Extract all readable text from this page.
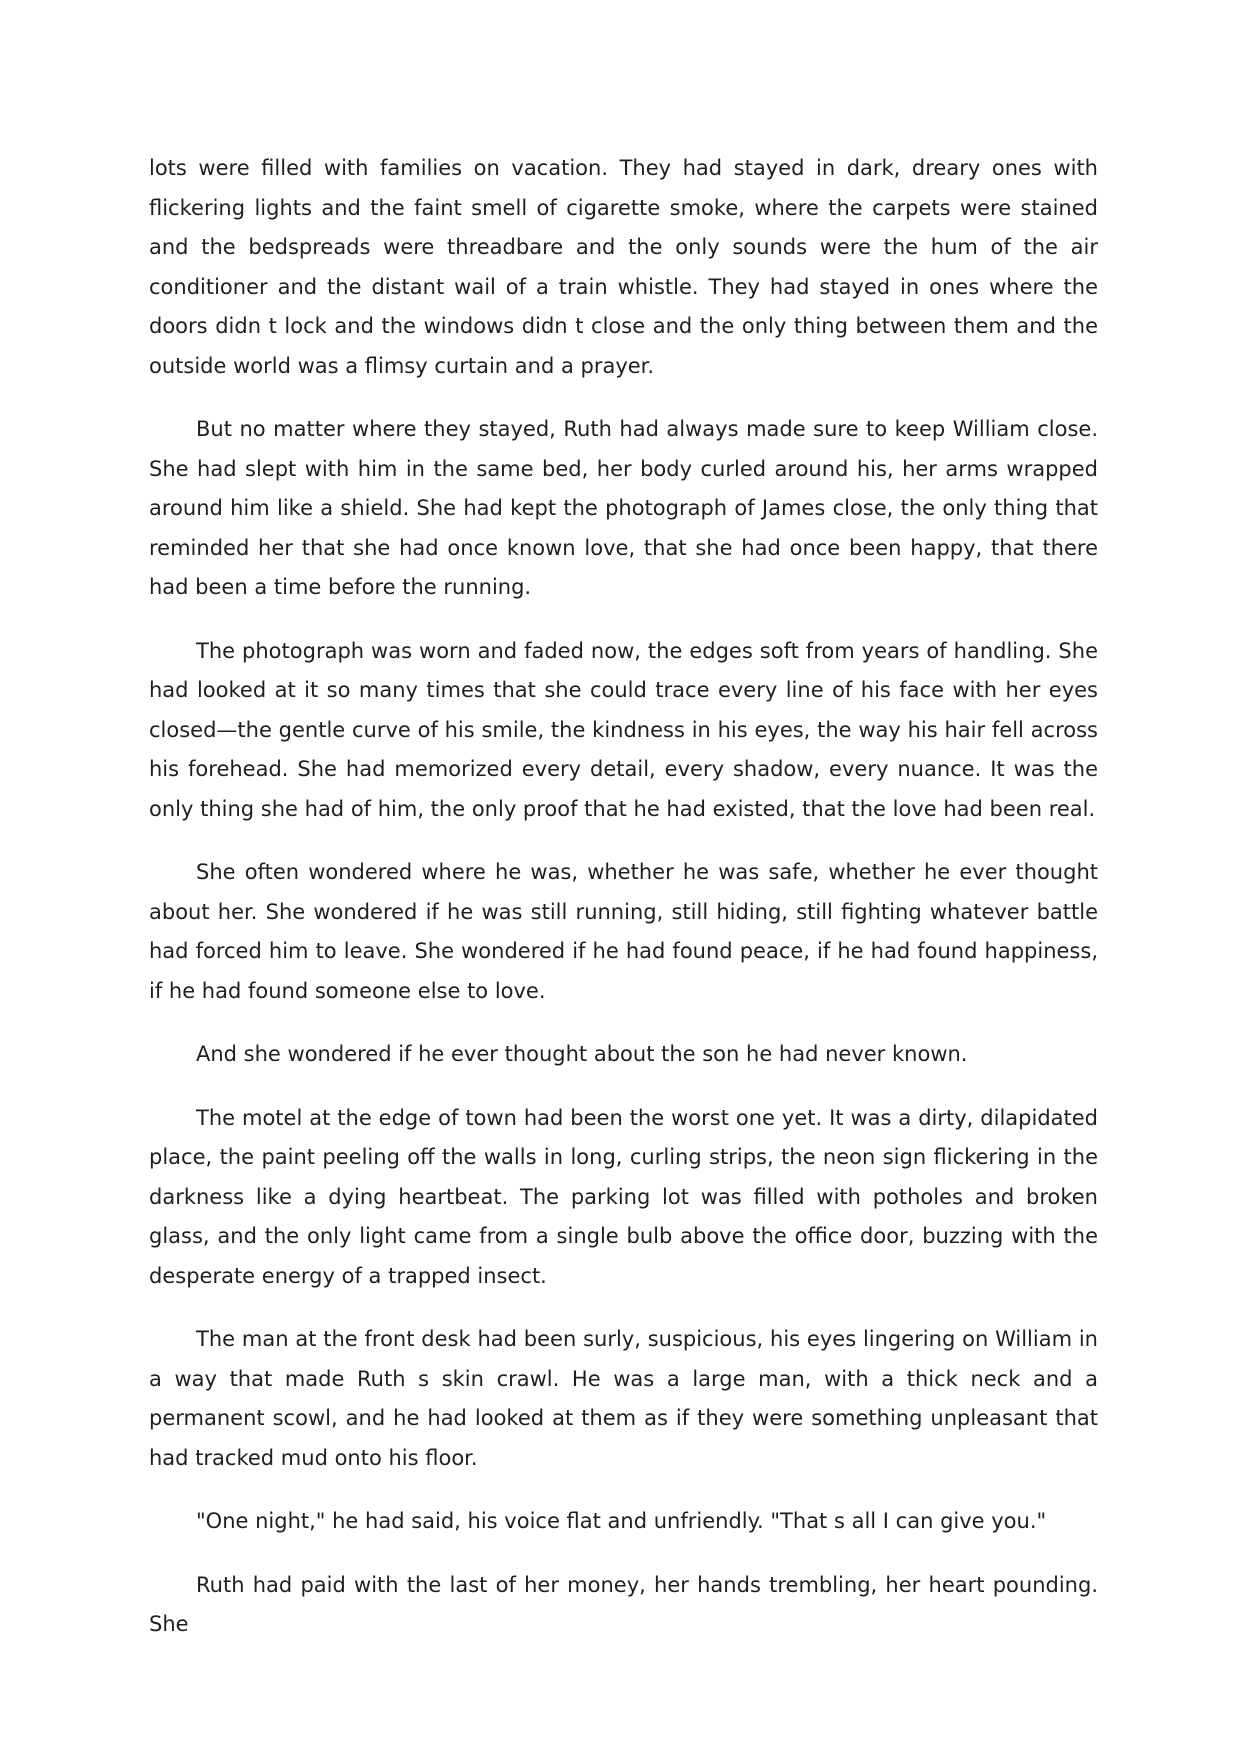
lots were filled with families on vacation. They had stayed in dark, dreary ones with flickering lights and the faint smell of cigarette smoke, where the carpets were stained and the bedspreads were threadbare and the only sounds were the hum of the air conditioner and the distant wail of a train whistle. They had stayed in ones where the doors didn t lock and the windows didn t close and the only thing between them and the outside world was a flimsy curtain and a prayer.

But no matter where they stayed, Ruth had always made sure to keep William close. She had slept with him in the same bed, her body curled around his, her arms wrapped around him like a shield. She had kept the photograph of James close, the only thing that reminded her that she had once known love, that she had once been happy, that there had been a time before the running.

The photograph was worn and faded now, the edges soft from years of handling. She had looked at it so many times that she could trace every line of his face with her eyes closed—the gentle curve of his smile, the kindness in his eyes, the way his hair fell across his forehead. She had memorized every detail, every shadow, every nuance. It was the only thing she had of him, the only proof that he had existed, that the love had been real.

She often wondered where he was, whether he was safe, whether he ever thought about her. She wondered if he was still running, still hiding, still fighting whatever battle had forced him to leave. She wondered if he had found peace, if he had found happiness, if he had found someone else to love.

And she wondered if he ever thought about the son he had never known.

The motel at the edge of town had been the worst one yet. It was a dirty, dilapidated place, the paint peeling off the walls in long, curling strips, the neon sign flickering in the darkness like a dying heartbeat. The parking lot was filled with potholes and broken glass, and the only light came from a single bulb above the office door, buzzing with the desperate energy of a trapped insect.

The man at the front desk had been surly, suspicious, his eyes lingering on William in a way that made Ruth s skin crawl. He was a large man, with a thick neck and a permanent scowl, and he had looked at them as if they were something unpleasant that had tracked mud onto his floor.

"One night," he had said, his voice flat and unfriendly. "That s all I can give you."

Ruth had paid with the last of her money, her hands trembling, her heart pounding. She
